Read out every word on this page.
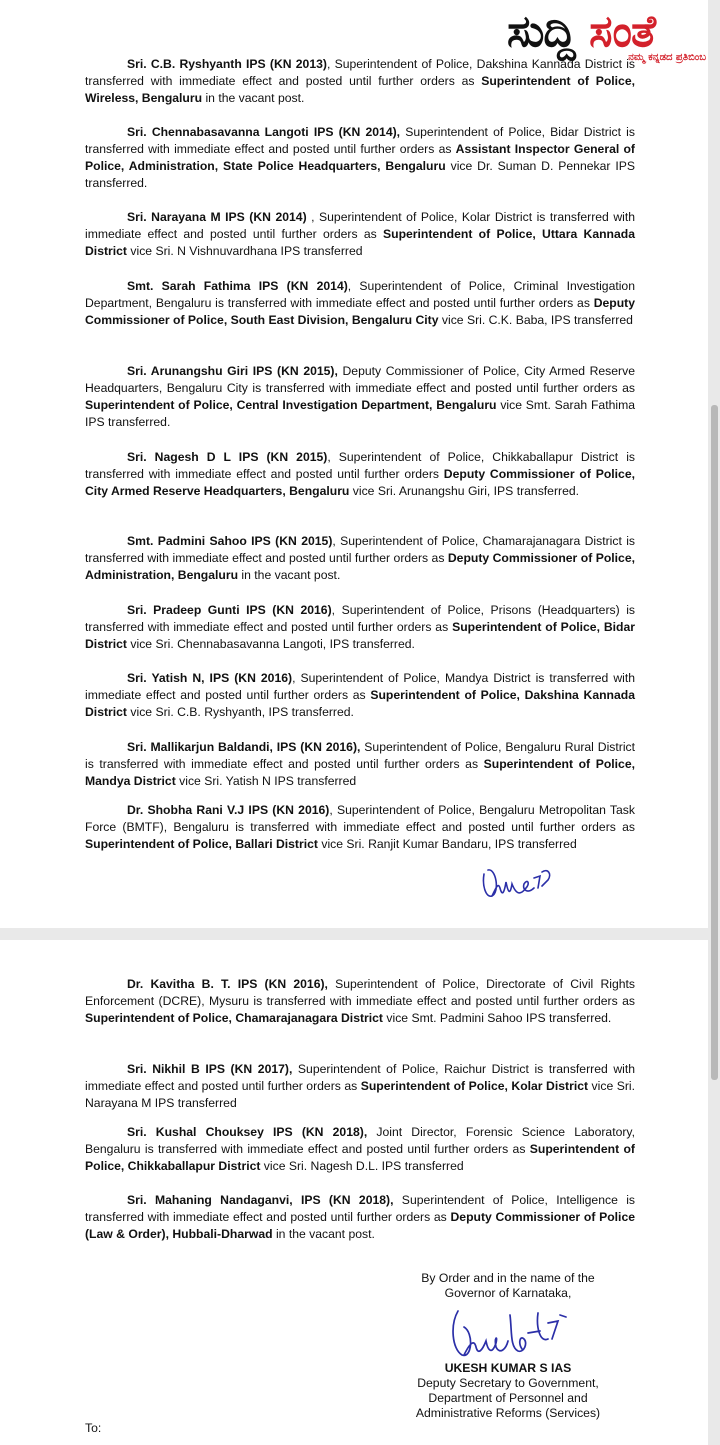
ಸುದ್ದಿ ಸಂತೆ
ನಮ್ಮ ಕನ್ನಡದ ಪ್ರತಿಬಿಂಬ

Sri. C.B. Ryshyanth IPS (KN 2013), Superintendent of Police, Dakshina Kannada District is transferred with immediate effect and posted until further orders as Superintendent of Police, Wireless, Bengaluru in the vacant post.

Sri. Chennabasavanna Langoti IPS (KN 2014), Superintendent of Police, Bidar District is transferred with immediate effect and posted until further orders as Assistant Inspector General of Police, Administration, State Police Headquarters, Bengaluru vice Dr. Suman D. Pennekar IPS transferred.

Sri. Narayana M IPS (KN 2014) , Superintendent of Police, Kolar District is transferred with immediate effect and posted until further orders as Superintendent of Police, Uttara Kannada District vice Sri. N Vishnuvardhana IPS transferred

Smt. Sarah Fathima IPS (KN 2014), Superintendent of Police, Criminal Investigation Department, Bengaluru is transferred with immediate effect and posted until further orders as Deputy Commissioner of Police, South East Division, Bengaluru City vice Sri. C.K. Baba, IPS transferred

Sri. Arunangshu Giri IPS (KN 2015), Deputy Commissioner of Police, City Armed Reserve Headquarters, Bengaluru City is transferred with immediate effect and posted until further orders as Superintendent of Police, Central Investigation Department, Bengaluru vice Smt. Sarah Fathima IPS transferred.

Sri. Nagesh D L IPS (KN 2015), Superintendent of Police, Chikkaballapur District is transferred with immediate effect and posted until further orders Deputy Commissioner of Police, City Armed Reserve Headquarters, Bengaluru vice Sri. Arunangshu Giri, IPS transferred.

Smt. Padmini Sahoo IPS (KN 2015), Superintendent of Police, Chamarajanagara District is transferred with immediate effect and posted until further orders as Deputy Commissioner of Police, Administration, Bengaluru in the vacant post.

Sri. Pradeep Gunti IPS (KN 2016), Superintendent of Police, Prisons (Headquarters) is transferred with immediate effect and posted until further orders as Superintendent of Police, Bidar District vice Sri. Chennabasavanna Langoti, IPS transferred.

Sri. Yatish N, IPS (KN 2016), Superintendent of Police, Mandya District is transferred with immediate effect and posted until further orders as Superintendent of Police, Dakshina Kannada District vice Sri. C.B. Ryshyanth, IPS transferred.

Sri. Mallikarjun Baldandi, IPS (KN 2016), Superintendent of Police, Bengaluru Rural District is transferred with immediate effect and posted until further orders as Superintendent of Police, Mandya District vice Sri. Yatish N IPS transferred

Dr. Shobha Rani V.J IPS (KN 2016), Superintendent of Police, Bengaluru Metropolitan Task Force (BMTF), Bengaluru is transferred with immediate effect and posted until further orders as Superintendent of Police, Ballari District vice Sri. Ranjit Kumar Bandaru, IPS transferred

Dr. Kavitha B. T. IPS (KN 2016), Superintendent of Police, Directorate of Civil Rights Enforcement (DCRE), Mysuru is transferred with immediate effect and posted until further orders as Superintendent of Police, Chamarajanagara District vice Smt. Padmini Sahoo IPS transferred.

Sri. Nikhil B IPS (KN 2017), Superintendent of Police, Raichur District is transferred with immediate effect and posted until further orders as Superintendent of Police, Kolar District vice Sri. Narayana M IPS transferred

Sri. Kushal Chouksey IPS (KN 2018), Joint Director, Forensic Science Laboratory, Bengaluru is transferred with immediate effect and posted until further orders as Superintendent of Police, Chikkaballapur District vice Sri. Nagesh D.L. IPS transferred

Sri. Mahaning Nandaganvi, IPS (KN 2018), Superintendent of Police, Intelligence is transferred with immediate effect and posted until further orders as Deputy Commissioner of Police (Law & Order), Hubbali-Dharwad in the vacant post.

By Order and in the name of the
Governor of Karnataka,
UKESH KUMAR S IAS
Deputy Secretary to Government,
Department of Personnel and
Administrative Reforms (Services)
To:
